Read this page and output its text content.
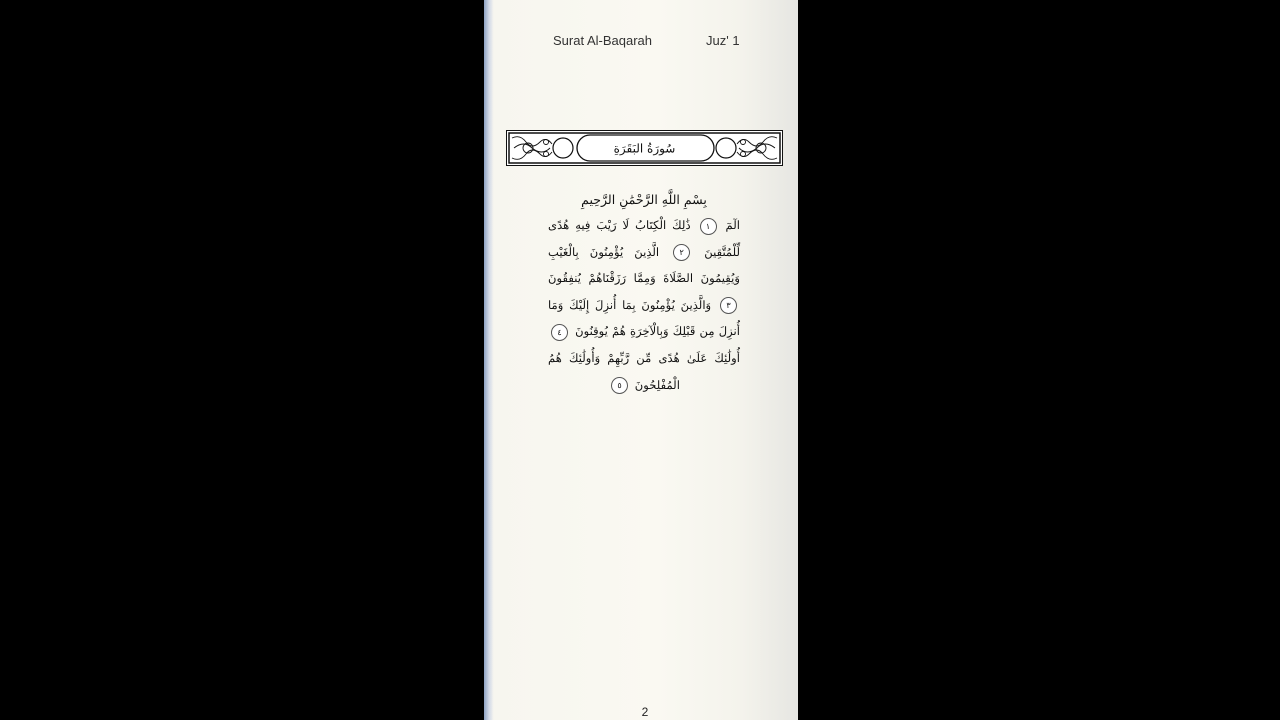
Surat Al-Baqarah	Juz' 1
سُورَةُ البَقَرَةِ
بِسْمِ اللَّهِ الرَّحْمَٰنِ الرَّحِيمِ
الٓمٓ ١ ذَٰلِكَ الْكِتَابُ لَا رَيْبَ فِيهِ هُدًى لِّلْمُتَّقِينَ ٢ الَّذِينَ يُؤْمِنُونَ بِالْغَيْبِ وَيُقِيمُونَ الصَّلَاةَ وَمِمَّا رَزَقْنَاهُمْ يُنفِقُونَ ٣ وَالَّذِينَ يُؤْمِنُونَ بِمَا أُنزِلَ إِلَيْكَ وَمَا أُنزِلَ مِن قَبْلِكَ وَبِالْآخِرَةِ هُمْ يُوقِنُونَ ٤ أُولَٰئِكَ عَلَىٰ هُدًى مِّن رَّبِّهِمْ وَأُولَٰئِكَ هُمُ الْمُفْلِحُونَ ٥
2
